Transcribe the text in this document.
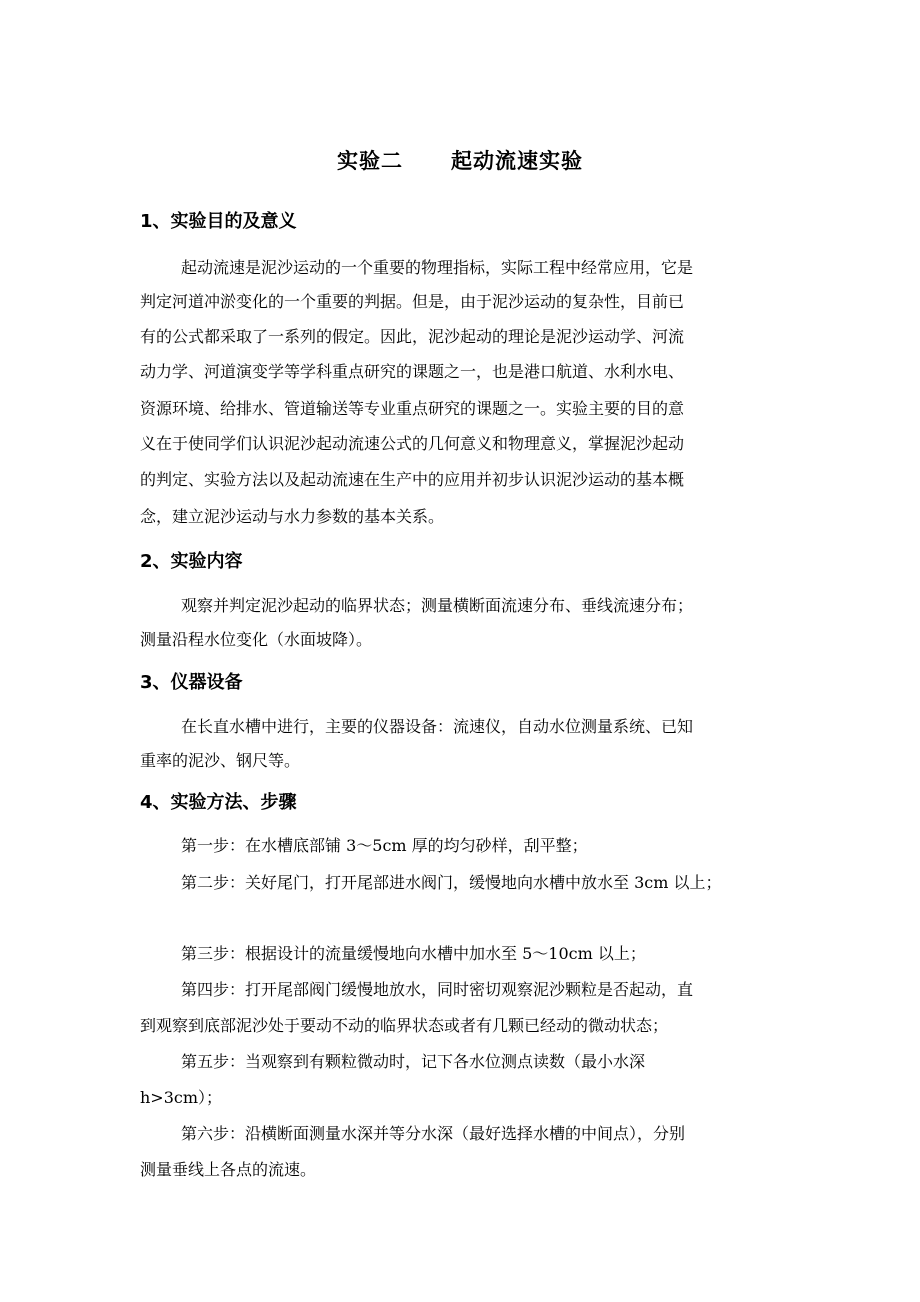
实验二 起动流速实验
1、实验目的及意义
起动流速是泥沙运动的一个重要的物理指标，实际工程中经常应用，它是
判定河道冲淤变化的一个重要的判据。但是，由于泥沙运动的复杂性，目前已
有的公式都采取了一系列的假定。因此，泥沙起动的理论是泥沙运动学、河流
动力学、河道演变学等学科重点研究的课题之一，也是港口航道、水利水电、
资源环境、给排水、管道输送等专业重点研究的课题之一。实验主要的目的意
义在于使同学们认识泥沙起动流速公式的几何意义和物理意义，掌握泥沙起动
的判定、实验方法以及起动流速在生产中的应用并初步认识泥沙运动的基本概
念，建立泥沙运动与水力参数的基本关系。
2、实验内容
观察并判定泥沙起动的临界状态；测量横断面流速分布、垂线流速分布；
测量沿程水位变化（水面坡降）。
3、仪器设备
在长直水槽中进行，主要的仪器设备：流速仪，自动水位测量系统、已知
重率的泥沙、钢尺等。
4、实验方法、步骤
第一步：在水槽底部铺 3～5cm 厚的均匀砂样，刮平整；
第二步：关好尾门，打开尾部进水阀门，缓慢地向水槽中放水至 3cm 以上；
第三步：根据设计的流量缓慢地向水槽中加水至 5～10cm 以上；
第四步：打开尾部阀门缓慢地放水，同时密切观察泥沙颗粒是否起动，直
到观察到底部泥沙处于要动不动的临界状态或者有几颗已经动的微动状态；
第五步：当观察到有颗粒微动时，记下各水位测点读数（最小水深
h>3cm）；
第六步：沿横断面测量水深并等分水深（最好选择水槽的中间点），分别
测量垂线上各点的流速。
